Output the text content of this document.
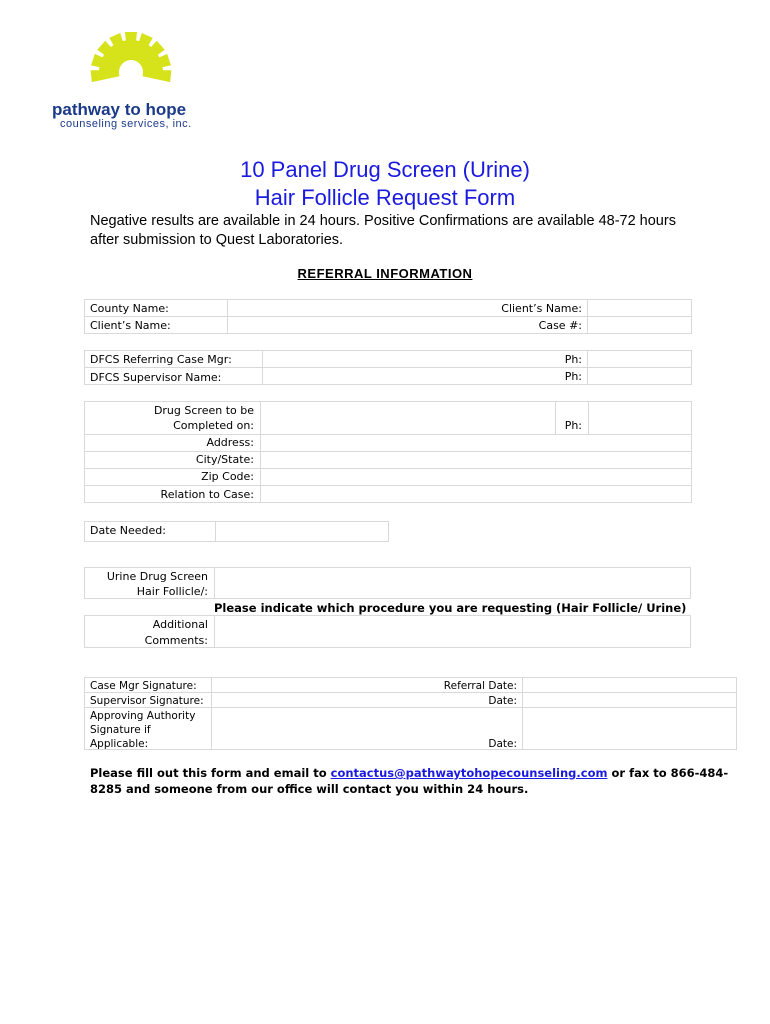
pathway to hope
counseling services, inc.
10 Panel Drug Screen (Urine)
Hair Follicle Request Form
Negative results are available in 24 hours. Positive Confirmations are available 48-72 hours after submission to Quest Laboratories.
REFERRAL INFORMATION
County Name:
Client’s Name:
Client’s Name:
Case #:
DFCS Referring Case Mgr:
DFCS Supervisor Name:
Ph:
Ph:
Drug Screen to be
Completed on:	Ph:
Address:
City/State:
Zip Code:
Relation to Case:
Date Needed:
Urine Drug Screen
Hair Follicle/:
Please indicate which procedure you are requesting (Hair Follicle/ Urine)
Additional
Comments:
Case Mgr Signature:
Supervisor Signature:
Approving Authority
Signature if
Applicable:
Referral Date:
Date:
Date:
Please fill out this form and email to contactus@pathwaytohopecounseling.com or fax to 866-484-8285 and someone from our office will contact you within 24 hours.
